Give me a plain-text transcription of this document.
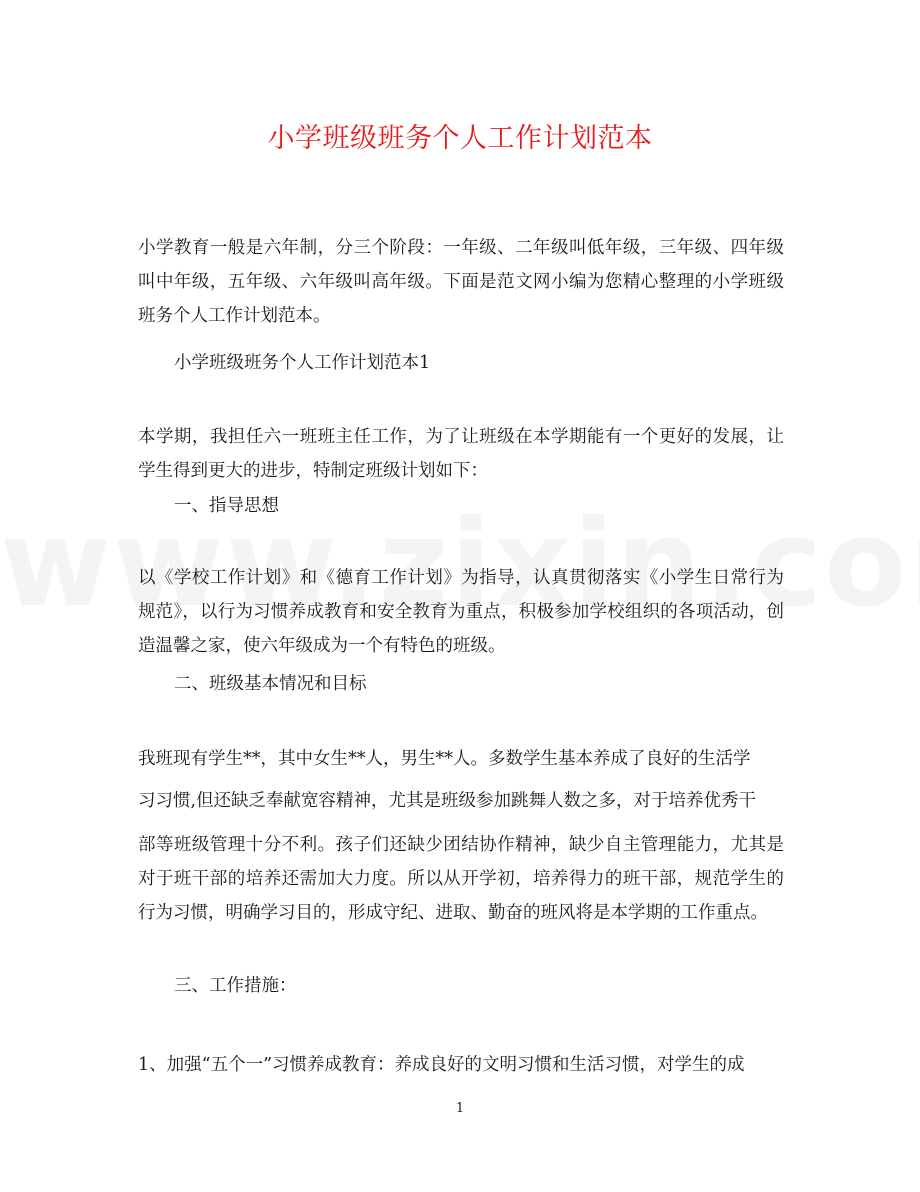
小学班级班务个人工作计划范本

小学教育一般是六年制，分三个阶段：一年级、二年级叫低年级，三年级、四年级叫中年级，五年级、六年级叫高年级。下面是范文网小编为您精心整理的小学班级班务个人工作计划范本。

小学班级班务个人工作计划范本1

本学期，我担任六一班班主任工作，为了让班级在本学期能有一个更好的发展，让学生得到更大的进步，特制定班级计划如下：

一、指导思想

以《学校工作计划》和《德育工作计划》为指导，认真贯彻落实《小学生日常行为规范》，以行为习惯养成教育和安全教育为重点，积极参加学校组织的各项活动，创造温馨之家，使六年级成为一个有特色的班级。

二、班级基本情况和目标

我班现有学生**，其中女生**人，男生**人。多数学生基本养成了良好的生活学

习习惯,但还缺乏奉献宽容精神，尤其是班级参加跳舞人数之多，对于培养优秀干

部等班级管理十分不利。孩子们还缺少团结协作精神，缺少自主管理能力，尤其是对于班干部的培养还需加大力度。所以从开学初，培养得力的班干部，规范学生的行为习惯，明确学习目的，形成守纪、进取、勤奋的班风将是本学期的工作重点。

三、工作措施：

1、加强“五个一”习惯养成教育：养成良好的文明习惯和生活习惯，对学生的成

1
